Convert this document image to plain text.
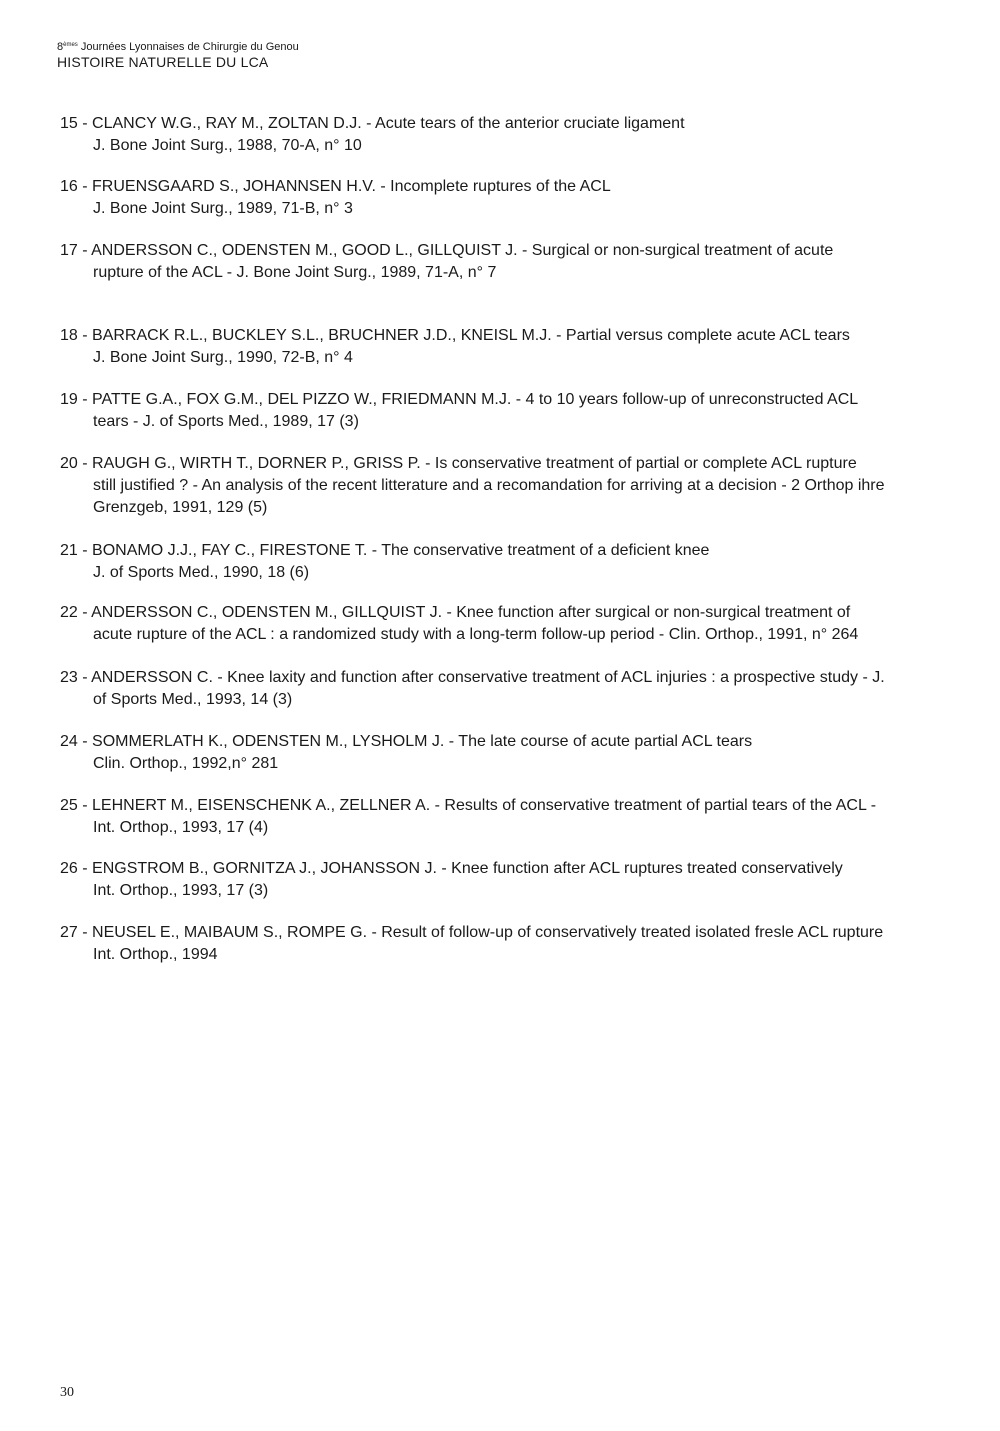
8èmes Journées Lyonnaises de Chirurgie du Genou
HISTOIRE NATURELLE DU LCA
15 - CLANCY W.G., RAY M., ZOLTAN D.J. - Acute tears of the anterior cruciate ligament
J. Bone Joint Surg., 1988, 70-A, n° 10
16 - FRUENSGAARD S., JOHANNSEN H.V. - Incomplete ruptures of the ACL
J. Bone Joint Surg., 1989, 71-B, n° 3
17 - ANDERSSON C., ODENSTEN M., GOOD L., GILLQUIST J. - Surgical or non-surgical treatment of acute
rupture of the ACL - J. Bone Joint Surg., 1989, 71-A, n° 7
18 - BARRACK R.L., BUCKLEY S.L., BRUCHNER J.D., KNEISL M.J. - Partial versus complete acute ACL tears
J. Bone Joint Surg., 1990, 72-B, n° 4
19 - PATTE G.A., FOX G.M., DEL PIZZO W., FRIEDMANN M.J. - 4 to 10 years follow-up of unreconstructed ACL
tears - J. of Sports Med., 1989, 17 (3)
20 - RAUGH G., WIRTH T., DORNER P., GRISS P. - Is conservative treatment of partial or complete ACL rupture
still justified ? - An analysis of the recent litterature and a recomandation for arriving at a decision - 2 Orthop ihre
Grenzgeb, 1991, 129 (5)
21 - BONAMO J.J., FAY C., FIRESTONE T. - The conservative treatment of a deficient knee
J. of Sports Med., 1990, 18 (6)
22 - ANDERSSON C., ODENSTEN M., GILLQUIST J. - Knee function after surgical or non-surgical treatment of
acute rupture of the ACL : a randomized study with a long-term follow-up period - Clin. Orthop., 1991, n° 264
23 - ANDERSSON C. - Knee laxity and function after conservative treatment of ACL injuries : a prospective study - J.
of Sports Med., 1993, 14 (3)
24 - SOMMERLATH K., ODENSTEN M., LYSHOLM J. - The late course of acute partial ACL tears
Clin. Orthop., 1992,n° 281
25 - LEHNERT M., EISENSCHENK A., ZELLNER A. - Results of conservative treatment of partial tears of the ACL -
Int. Orthop., 1993, 17 (4)
26 - ENGSTROM B., GORNITZA J., JOHANSSON J. - Knee function after ACL ruptures treated conservatively
Int. Orthop., 1993, 17 (3)
27 - NEUSEL E., MAIBAUM S., ROMPE G. - Result of follow-up of conservatively treated isolated fresle ACL rupture
Int. Orthop., 1994
30
